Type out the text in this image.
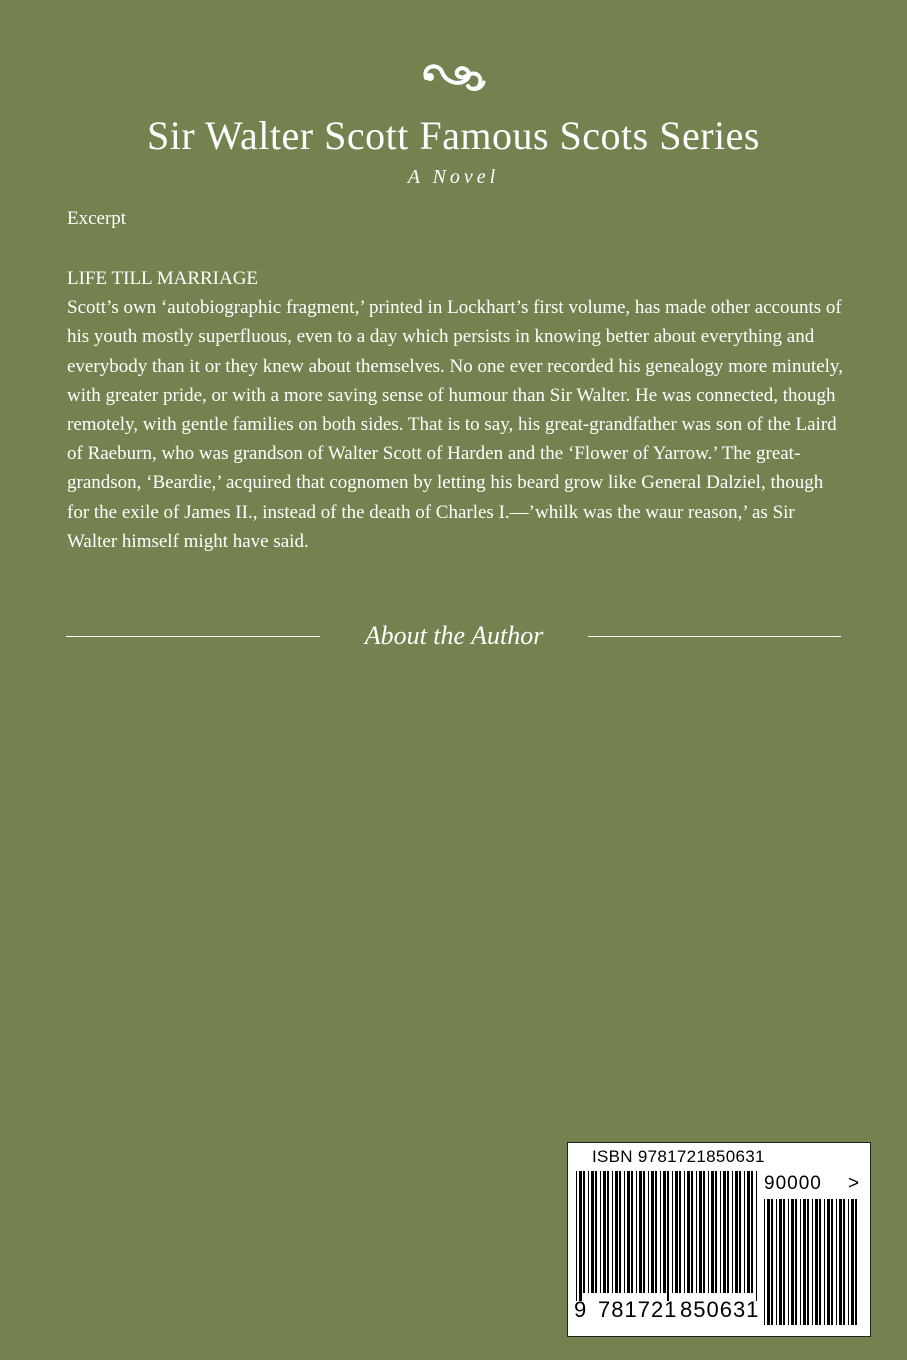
Sir Walter Scott Famous Scots Series
A Novel
Excerpt

LIFE TILL MARRIAGE

Scott’s own ‘autobiographic fragment,’ printed in Lockhart’s first volume, has made other accounts of his youth mostly superfluous, even to a day which persists in knowing better about everything and everybody than it or they knew about themselves. No one ever recorded his genealogy more minutely, with greater pride, or with a more saving sense of humour than Sir Walter. He was connected, though remotely, with gentle families on both sides. That is to say, his great-grandfather was son of the Laird of Raeburn, who was grandson of Walter Scott of Harden and the ‘Flower of Yarrow.’ The great-grandson, ‘Beardie,’ acquired that cognomen by letting his beard grow like General Dalziel, though for the exile of James II., instead of the death of Charles I.—’whilk was the waur reason,’ as Sir Walter himself might have said.

About the Author
ISBN 9781721850631
90000 >
9 781721 850631
